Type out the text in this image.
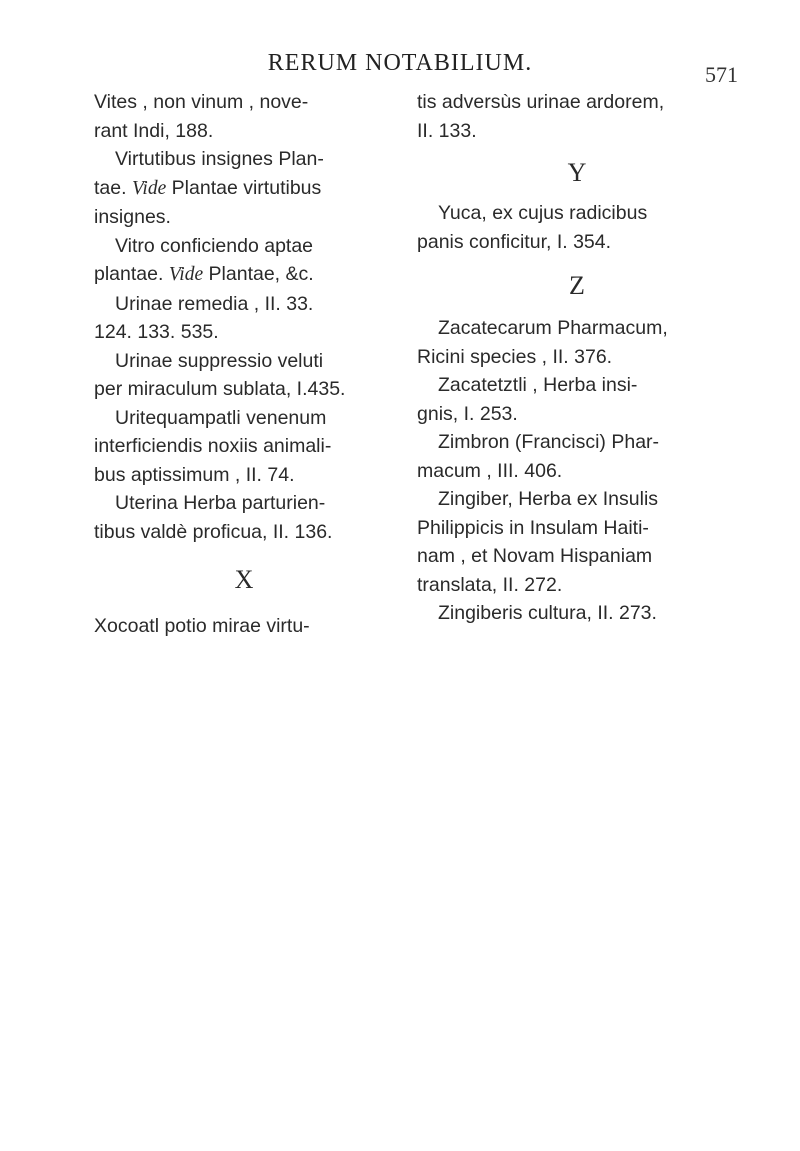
RERUM NOTABILIUM.	571
Vites , non vinum , nove-
rant Indi, 188.
Virtutibus insignes Plan-
tae. Vide Plantae virtutibus
insignes.
Vitro conficiendo aptae
plantae. Vide Plantae, &c.
Urinae remedia , II. 33.
124. 133. 535.
Urinae suppressio veluti
per miraculum sublata, I.435.
Uritequampatli venenum
interficiendis noxiis animali-
bus aptissimum , II. 74.
Uterina Herba parturien-
tibus valdè proficua, II. 136.
X
Xocoatl potio mirae virtu-
tis adversùs urinae ardorem,
II. 133.
Y
Yuca, ex cujus radicibus
panis conficitur, I. 354.
Z
Zacatecarum Pharmacum,
Ricini species , II. 376.
Zacatetztli , Herba insi-
gnis, I. 253.
Zimbron (Francisci) Phar-
macum , III. 406.
Zingiber, Herba ex Insulis
Philippicis in Insulam Haiti-
nam , et Novam Hispaniam
translata, II. 272.
Zingiberis cultura, II. 273.
